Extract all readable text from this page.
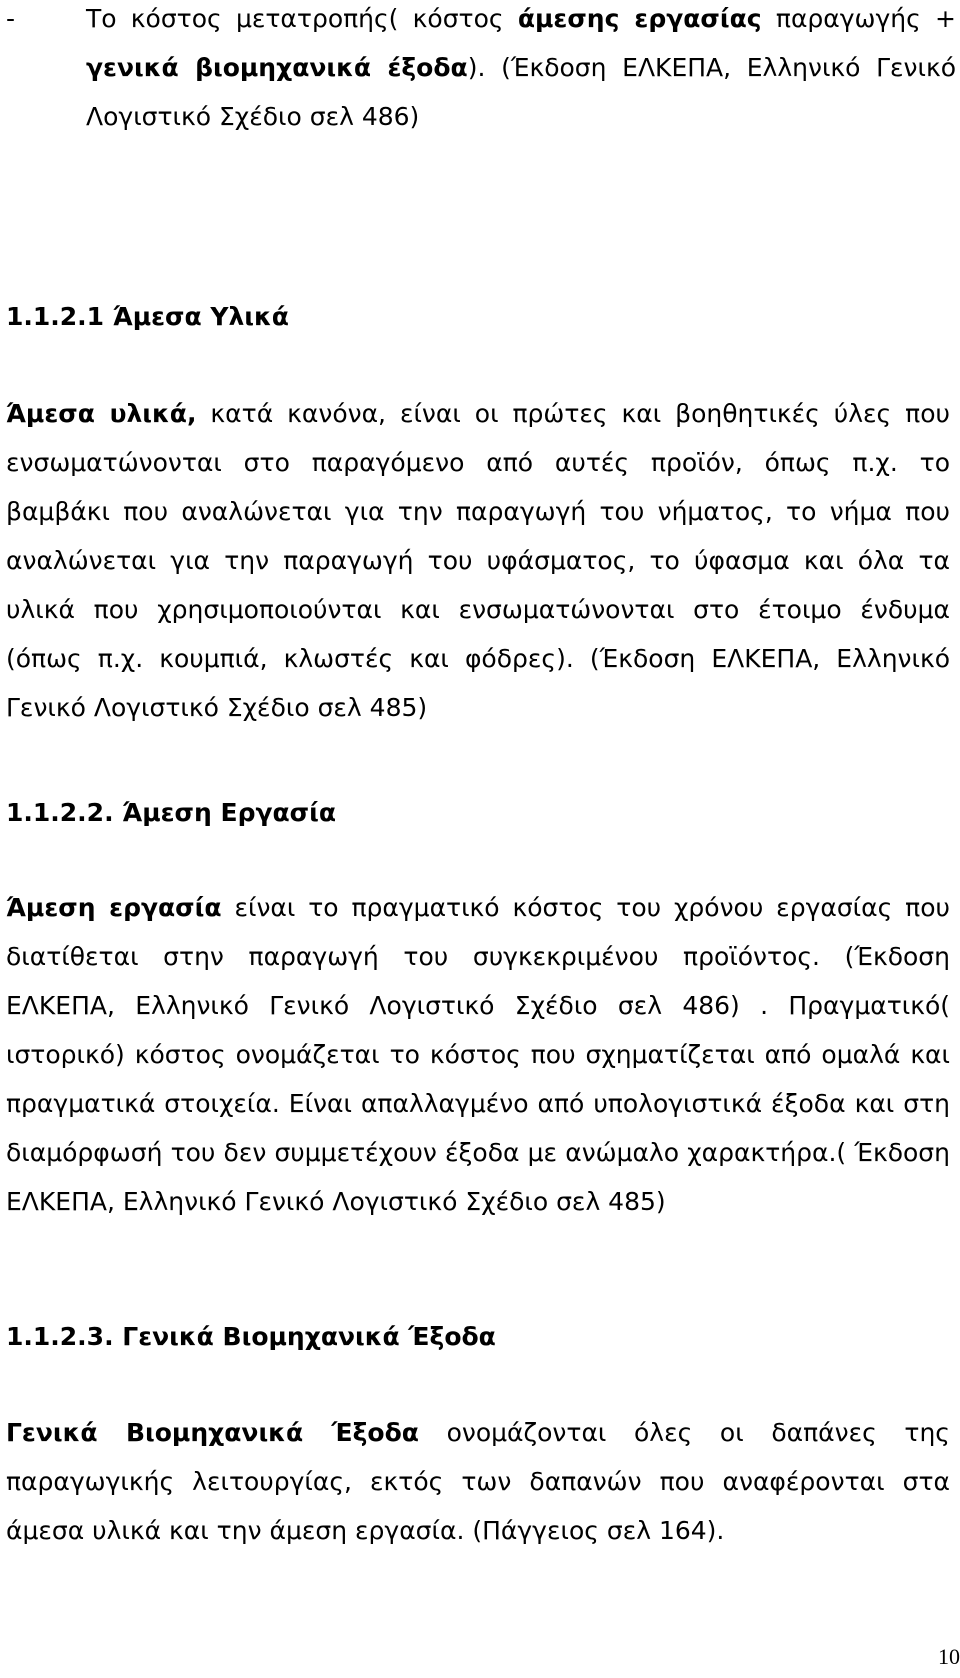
-	Το κόστος μετατροπής( κόστος άμεσης εργασίας παραγωγής + γενικά βιομηχανικά έξοδα). (Έκδοση ΕΛΚΕΠΑ, Ελληνικό Γενικό Λογιστικό Σχέδιο σελ 486)
1.1.2.1 Άμεσα Υλικά

Άμεσα υλικά, κατά κανόνα, είναι οι πρώτες και βοηθητικές ύλες που ενσωματώνονται στο παραγόμενο από αυτές προϊόν, όπως π.χ. το βαμβάκι που αναλώνεται για την παραγωγή του νήματος, το νήμα που αναλώνεται για την παραγωγή του υφάσματος, το ύφασμα και όλα τα υλικά που χρησιμοποιούνται και ενσωματώνονται στο έτοιμο ένδυμα (όπως π.χ. κουμπιά, κλωστές και φόδρες). (Έκδοση ΕΛΚΕΠΑ, Ελληνικό Γενικό Λογιστικό Σχέδιο σελ 485)

1.1.2.2. Άμεση Εργασία

Άμεση εργασία είναι το πραγματικό κόστος του χρόνου εργασίας που διατίθεται στην παραγωγή του συγκεκριμένου προϊόντος. (Έκδοση ΕΛΚΕΠΑ, Ελληνικό Γενικό Λογιστικό Σχέδιο σελ 486) . Πραγματικό( ιστορικό) κόστος ονομάζεται το κόστος που σχηματίζεται από ομαλά και πραγματικά στοιχεία. Είναι απαλλαγμένο από υπολογιστικά έξοδα και στη διαμόρφωσή του δεν συμμετέχουν έξοδα με ανώμαλο χαρακτήρα.( Έκδοση ΕΛΚΕΠΑ, Ελληνικό Γενικό Λογιστικό Σχέδιο σελ 485)

1.1.2.3. Γενικά Βιομηχανικά Έξοδα

Γενικά Βιομηχανικά Έξοδα ονομάζονται όλες οι δαπάνες της παραγωγικής λειτουργίας, εκτός των δαπανών που αναφέρονται στα άμεσα υλικά και την άμεση εργασία. (Πάγγειος σελ 164).

10
